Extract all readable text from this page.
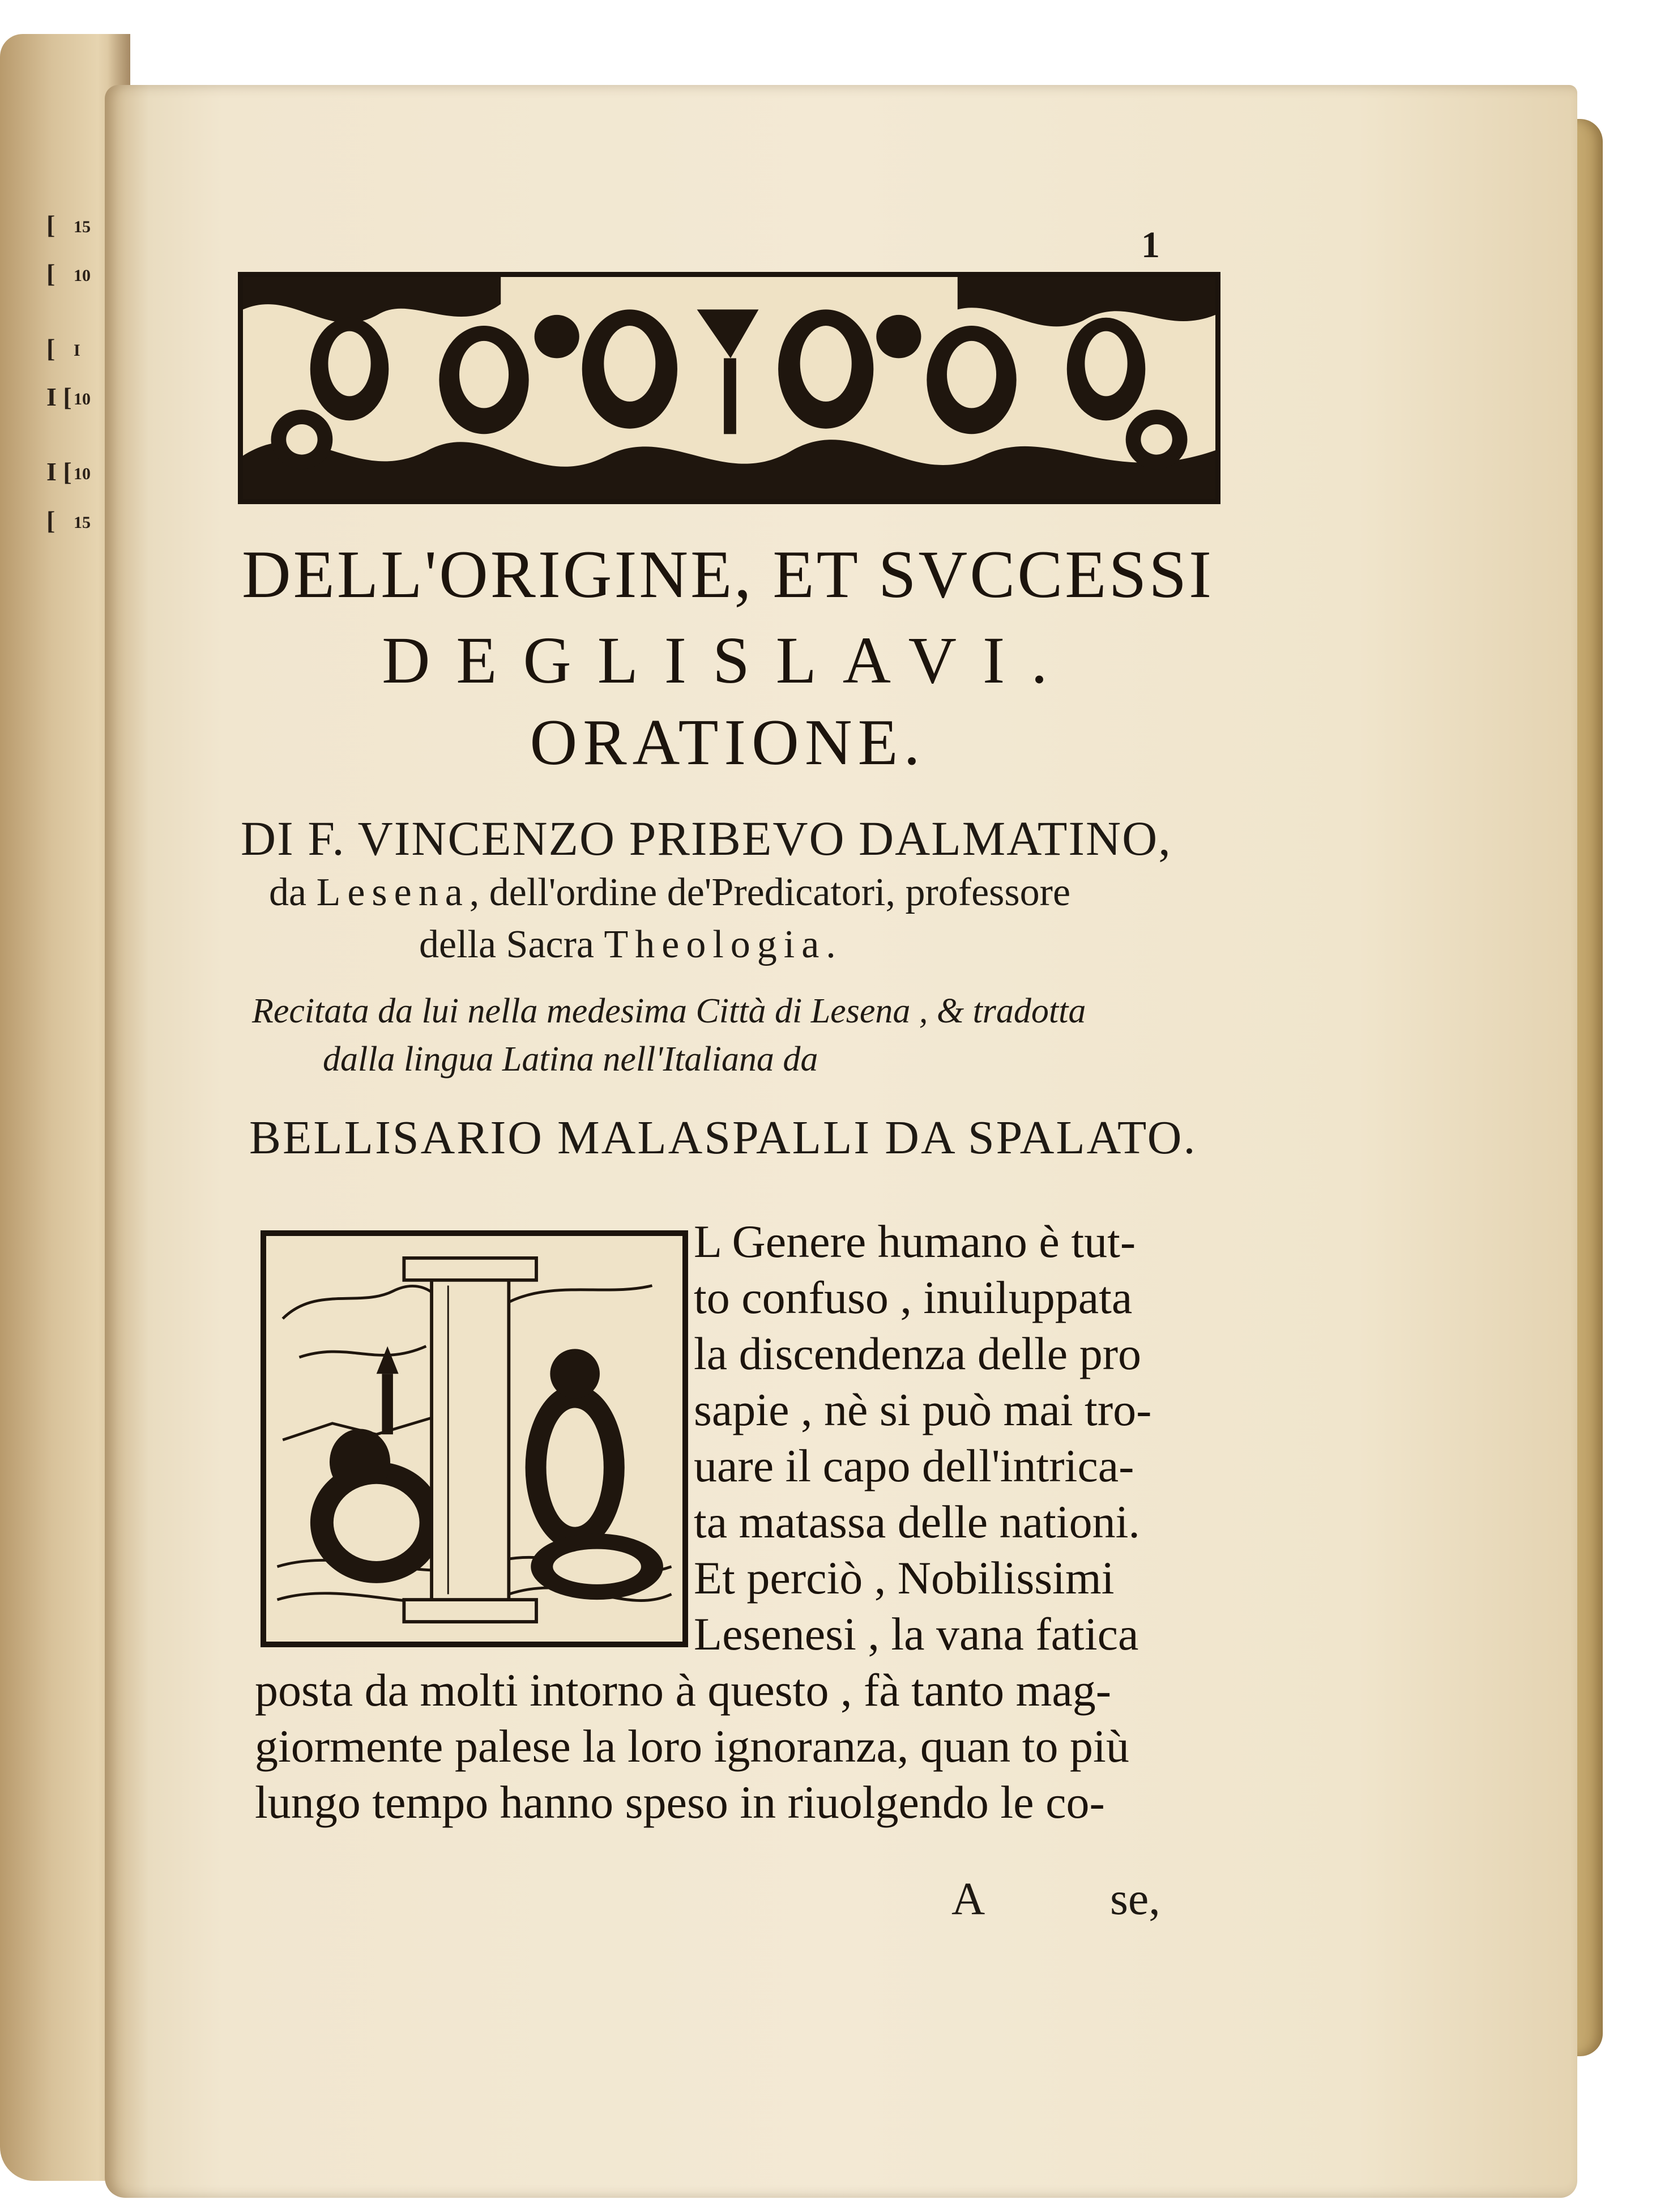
[ 15
[ 10
[ I
I [ 10
I [ 10
[ 15
1
DELL'ORIGINE, ET SVCCESSI
DEGLISLAVI.
ORATIONE.
DI F. VINCENZO PRIBEVO DALMATINO,
da Lesena, dell'ordine de'Predicatori, professore
della Sacra Theologia.
Recitata da lui nella medesima Città di Lesena , & tradotta
dalla lingua Latina nell'Italiana da
BELLISARIO MALASPALLI DA SPALATO.
L Genere humano è tut-
to confuso , inuiluppata
la discendenza delle pro
sapie , nè si può mai tro-
uare il capo dell'intrica-
ta matassa delle nationi.
Et perciò , Nobilissimi
Lesenesi , la vana fatica
posta da molti intorno à questo , fà tanto mag-
giormente palese la loro ignoranza, quan to più
lungo tempo hanno speso in riuolgendo le co-
A	se,
